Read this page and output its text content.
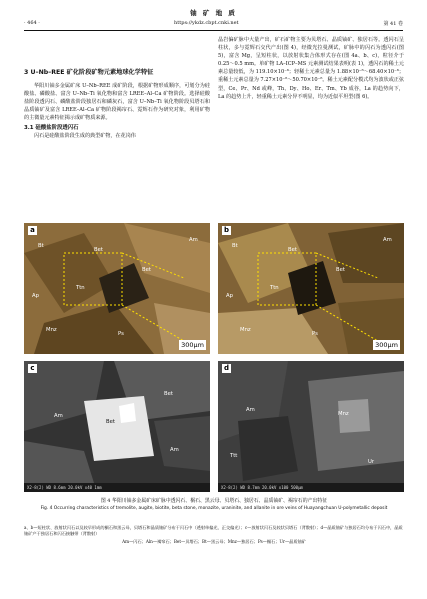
铀 矿 地 质
· 464 ·	https://ykdz.cbpt.cnki.net	第 41 卷
3 U–Nb–REE 矿化阶段矿物元素地球化学特征

华阳川铀多金属矿床 U–Nb–REE 成矿阶段，根据矿物形成顺序，可划分为硅酸盐、磷酸盐、富含 U–Nb–Ti 氧化物和富含 LREE–Al–Ca 矿物阶段。选择硅酸盐阶段透闪石、磷酸盐阶段独居石和磷灰石，富含 U–Nb–Ti 氧化物阶段贝塔石和晶质铀矿及富含 LREE–Al–Ca 矿物阶段褐帘石、霓辉石作为研究对象，利用矿物的主微量元素特征揭示成矿物质来源。

3.1 硅酸盐阶段透闪石

闪石是硅酸盐阶段生成的典型矿物，在花岗伟

晶岩偏矿脉中大量产出，矿石矿物主要为贝塔石、晶质铀矿、独居石等。透闪石呈柱状，多与霓辉石交代产出(图 4)，经微光拉曼测试，矿脉中的闪石为透闪石(图 5)，富含 Mg，呈短柱状，以放射状集合体形式存在(图 4a、b、c)，粒径介于 0.25～0.5 mm。单矿物 LA–ICP–MS 元素测试结果表明(表 1)，透闪石的稀土元素总量较低，为 119.10×10⁻⁶；轻稀土元素总量为 1.88×10⁻⁶～68.40×10⁻⁶；重稀土元素总量为 7.27×10⁻⁶～50.70×10⁻⁶。稀土元素配分模式均为波状或正弦型，Ce、Pr、Nd 或峰，Th、Dy、Ho、Er、Tm、Yb 成谷，La 的趋势向下，La 的趋势上升，轻重稀土元素分异不明显，均为近似平坦型(图 6)。

a
Bt
Am
Bet
Bet
Ttn
Ap
Mnz
Ps
300μm
b
Bt
Am
Bet
Bet
Ttn
Ap
Mnz
Ps
300μm
c
Am
Bet
Bet
Am
X2-8(2) WD 8.6mm 20.0kV x40 1mm
d
Am
Mnz
Ttt
Ur
X2-8(2) WD 8.7mm 20.0kV x100 500μm
图 4 华阳川铀多金属矿床矿脉中透闪石、榍石、黑云母、贝塔石、独居石、晶质铀矿、褐帘石的产出特征
Fig. 4 Occurring characteristics of tremolite, augite, biotite, beta stone, monazite, uraninite, and allanite in ore veins of Huayangchuan U-polymetallic deposit
a、b—短柱状、放射状闪石以及较早形成的榍石和黑云母，贝塔石和晶质铀矿分布于闪石中（透射单偏光、正交偏光）；c—放射状闪石及较状贝塔石（背散射）；d—晶质铀矿与独居石均分布于闪石中，晶质铀矿产于独居石和闪石接触带（背散射）
Am—闪石；Aln—褐帘石；Bet—贝塔石；Bt—黑云母；Mnz—独居石；Ps—榍石；Ur—晶质铀矿
